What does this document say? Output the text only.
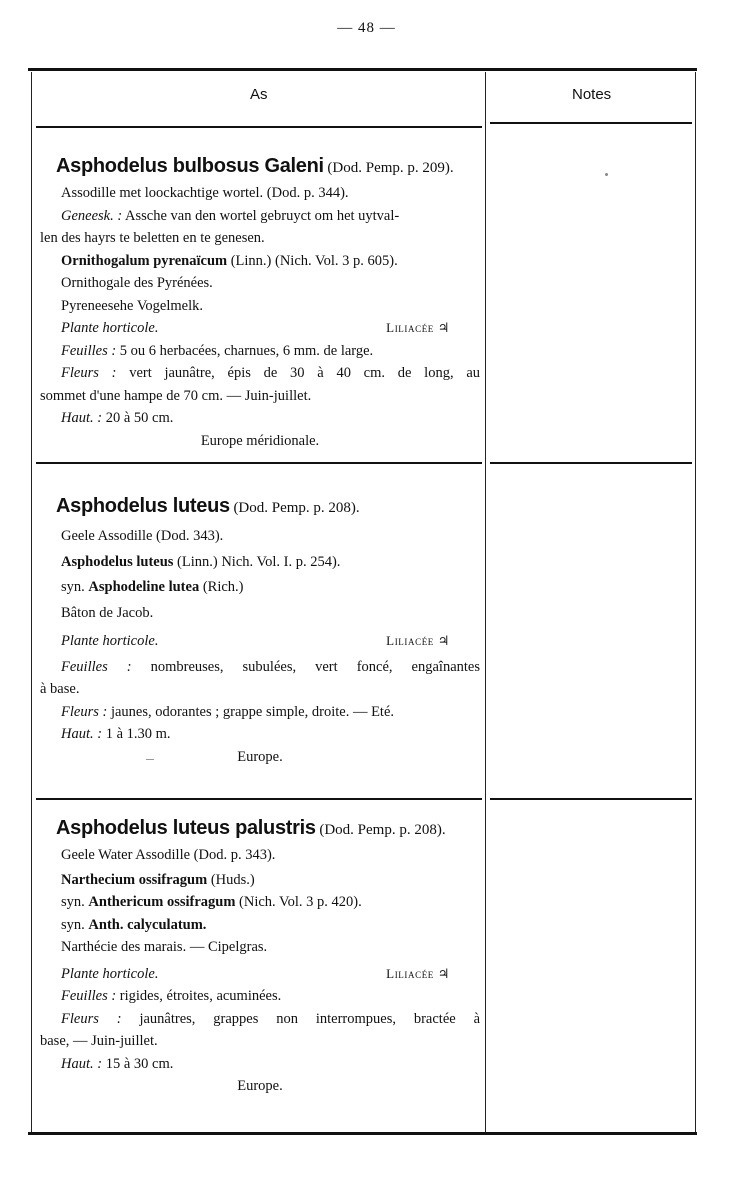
— 48 —
As	Notes
Asphodelus bulbosus Galeni (Dod. Pemp. p. 209).
Assodille met loockachtige wortel. (Dod. p. 344).
Geneesk. : Assche van den wortel gebruyct om het uytval-
len des hayrs te beletten en te genesen.
Ornithogalum pyrenaïcum (Linn.) (Nich. Vol. 3 p. 605).
Ornithogale des Pyrénées.
Pyreneesehe Vogelmelk.
Plante horticole.	Liliacée ♃
Feuilles : 5 ou 6 herbacées, charnues, 6 mm. de large.
Fleurs : vert jaunâtre, épis de 30 à 40 cm. de long, au
sommet d'une hampe de 70 cm. — Juin-juillet.
Haut. : 20 à 50 cm.
Europe méridionale.
Asphodelus luteus (Dod. Pemp. p. 208).
Geele Assodille (Dod. 343).
Asphodelus luteus (Linn.) Nich. Vol. I. p. 254).
syn. Asphodeline lutea (Rich.)
Bâton de Jacob.
Plante horticole.	Liliacée ♃
Feuilles : nombreuses, subulées, vert foncé, engaînantes
à base.
Fleurs : jaunes, odorantes ; grappe simple, droite. — Eté.
Haut. : 1 à 1.30 m.
Europe.
Asphodelus luteus palustris (Dod. Pemp. p. 208).
Geele Water Assodille (Dod. p. 343).
Narthecium ossifragum (Huds.)
syn. Anthericum ossifragum (Nich. Vol. 3 p. 420).
syn. Anth. calyculatum.
Narthécie des marais. — Cipelgras.
Plante horticole.	Liliacée ♃
Feuilles : rigides, étroites, acuminées.
Fleurs : jaunâtres, grappes non interrompues, bractée à
base, — Juin-juillet.
Haut. : 15 à 30 cm.
Europe.
